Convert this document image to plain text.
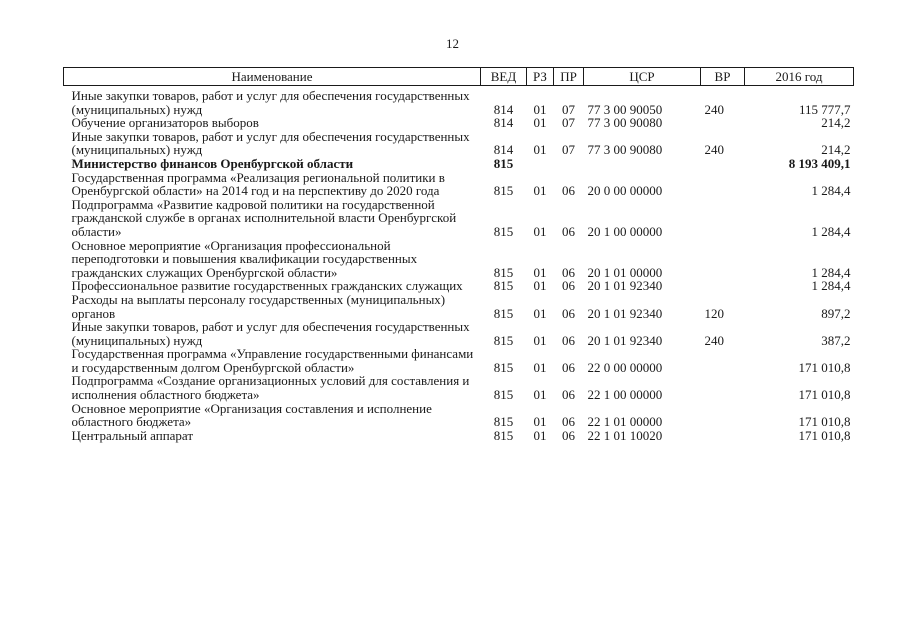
12
Наименование	ВЕД	РЗ	ПР	ЦСР	ВР	2016 год
Иные закупки товаров, работ и услуг для обеспечения государственных (муниципальных) нужд	814	01	07	77 3 00 90050	240	115 777,7
Обучение организаторов выборов	814	01	07	77 3 00 90080		214,2
Иные закупки товаров, работ и услуг для обеспечения государственных (муниципальных) нужд	814	01	07	77 3 00 90080	240	214,2
Министерство финансов Оренбургской области	815					8 193 409,1
Государственная программа «Реализация региональной политики в Оренбургской области» на 2014 год и на перспективу до 2020 года	815	01	06	20 0 00 00000		1 284,4
Подпрограмма «Развитие кадровой политики на государственной гражданской службе в органах исполнительной власти Оренбургской области»	815	01	06	20 1 00 00000		1 284,4
Основное мероприятие «Организация профессиональной переподготовки и повышения квалификации государственных гражданских служащих Оренбургской области»	815	01	06	20 1 01 00000		1 284,4
Профессиональное развитие государственных гражданских служащих	815	01	06	20 1 01 92340		1 284,4
Расходы на выплаты персоналу государственных (муниципальных) органов	815	01	06	20 1 01 92340	120	897,2
Иные закупки товаров, работ и услуг для обеспечения государственных (муниципальных) нужд	815	01	06	20 1 01 92340	240	387,2
Государственная программа «Управление государственными финансами и государственным долгом Оренбургской области»	815	01	06	22 0 00 00000		171 010,8
Подпрограмма «Создание организационных условий для составления и исполнения областного бюджета»	815	01	06	22 1 00 00000		171 010,8
Основное мероприятие «Организация составления и исполнение областного бюджета»	815	01	06	22 1 01 00000		171 010,8
Центральный аппарат	815	01	06	22 1 01 10020		171 010,8
